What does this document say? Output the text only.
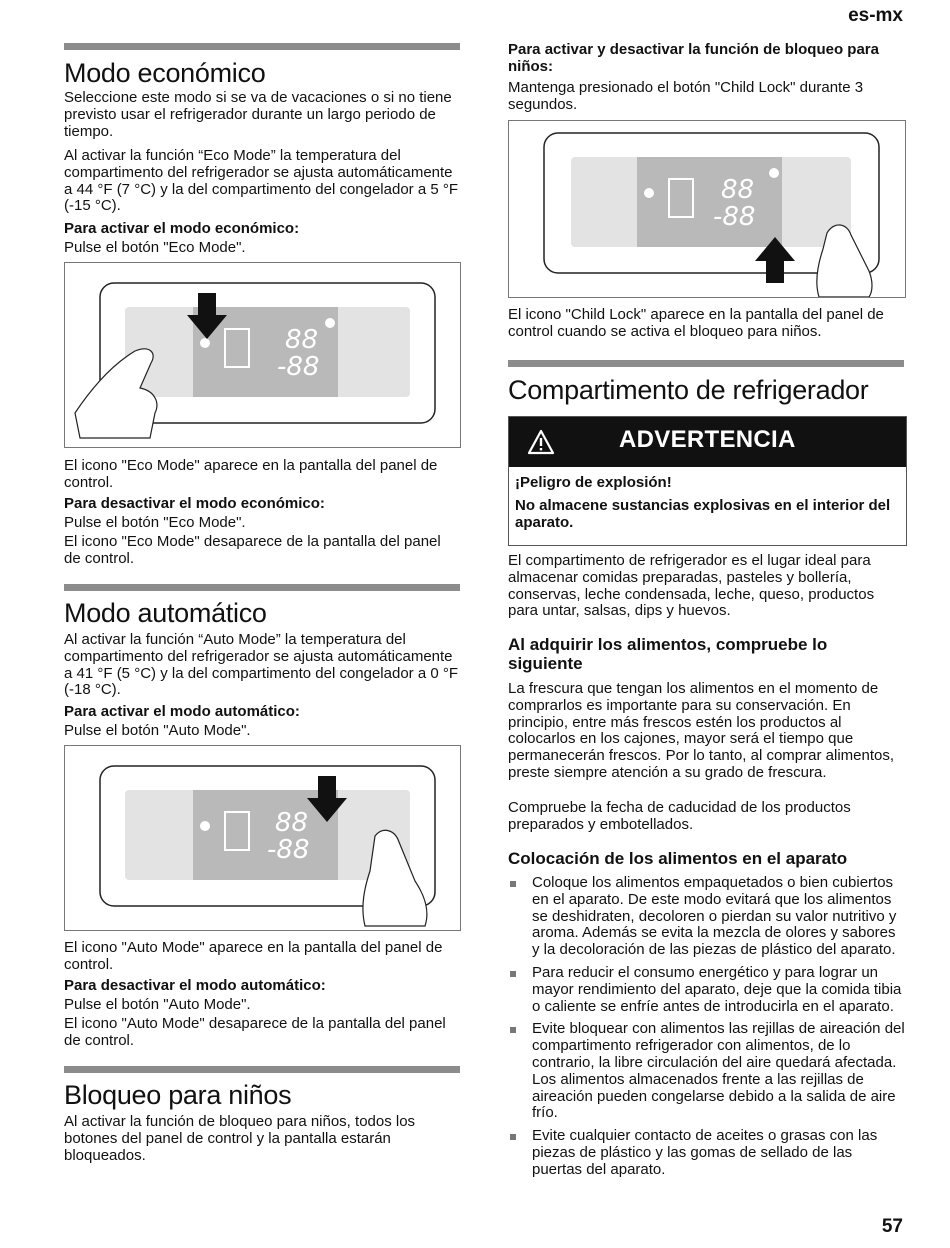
es-mx
Modo económico

Seleccione este modo si se va de vacaciones o si no tiene previsto usar el refrigerador durante un largo periodo de tiempo.

Al activar la función “Eco Mode” la temperatura del compartimento del refrigerador se ajusta automáticamente a 44 °F (7 °C) y la del compartimento del congelador a 5 °F (-15 °C).

Para activar el modo económico:

Pulse el botón "Eco Mode".

88
-88

El icono "Eco Mode" aparece en la pantalla del panel de control.

Para desactivar el modo económico:

Pulse el botón "Eco Mode".

El icono "Eco Mode" desaparece de la pantalla del panel de control.

Modo automático

Al activar la función “Auto Mode” la temperatura del compartimento del refrigerador se ajusta automáticamente a 41 °F (5 °C) y la del compartimento del congelador a 0 °F (-18 °C).

Para activar el modo automático:

Pulse el botón "Auto Mode".

88
-88

El icono "Auto Mode" aparece en la pantalla del panel de control.

Para desactivar el modo automático:

Pulse el botón "Auto Mode".

El icono "Auto Mode" desaparece de la pantalla del panel de control.

Bloqueo para niños

Al activar la función de bloqueo para niños, todos los botones del panel de control y la pantalla estarán bloqueados.

Para activar y desactivar la función de bloqueo para niños:

Mantenga presionado el botón "Child Lock" durante 3 segundos.

88
-88

El icono "Child Lock" aparece en la pantalla del panel de control cuando se activa el bloqueo para niños.

Compartimento de refrigerador
ADVERTENCIA

¡Peligro de explosión!

No almacene sustancias explosivas en el interior del aparato.

El compartimento de refrigerador es el lugar ideal para almacenar comidas preparadas, pasteles y bollería, conservas, leche condensada, leche, queso, productos para untar, salsas, dips y huevos.

Al adquirir los alimentos, compruebe lo siguiente

La frescura que tengan los alimentos en el momento de comprarlos es importante para su conservación. En principio, entre más frescos estén los productos al colocarlos en los cajones, mayor será el tiempo que permanecerán frescos. Por lo tanto, al comprar alimentos, preste siempre atención a su grado de frescura.

Compruebe la fecha de caducidad de los productos preparados y embotellados.

Colocación de los alimentos en el aparato
Coloque los alimentos empaquetados o bien cubiertos en el aparato. De este modo evitará que los alimentos se deshidraten, decoloren o pierdan su valor nutritivo y aroma. Además se evita la mezcla de olores y sabores y la decoloración de las piezas de plástico del aparato.
Para reducir el consumo energético y para lograr un mayor rendimiento del aparato, deje que la comida tibia o caliente se enfríe antes de introducirla en el aparato.
Evite bloquear con alimentos las rejillas de aireación del compartimento refrigerador con alimentos, de lo contrario, la libre circulación del aire quedará afectada. Los alimentos almacenados frente a las rejillas de aireación pueden congelarse debido a la salida de aire frío.
Evite cualquier contacto de aceites o grasas con las piezas de plástico y las gomas de sellado de las puertas del aparato.
57
